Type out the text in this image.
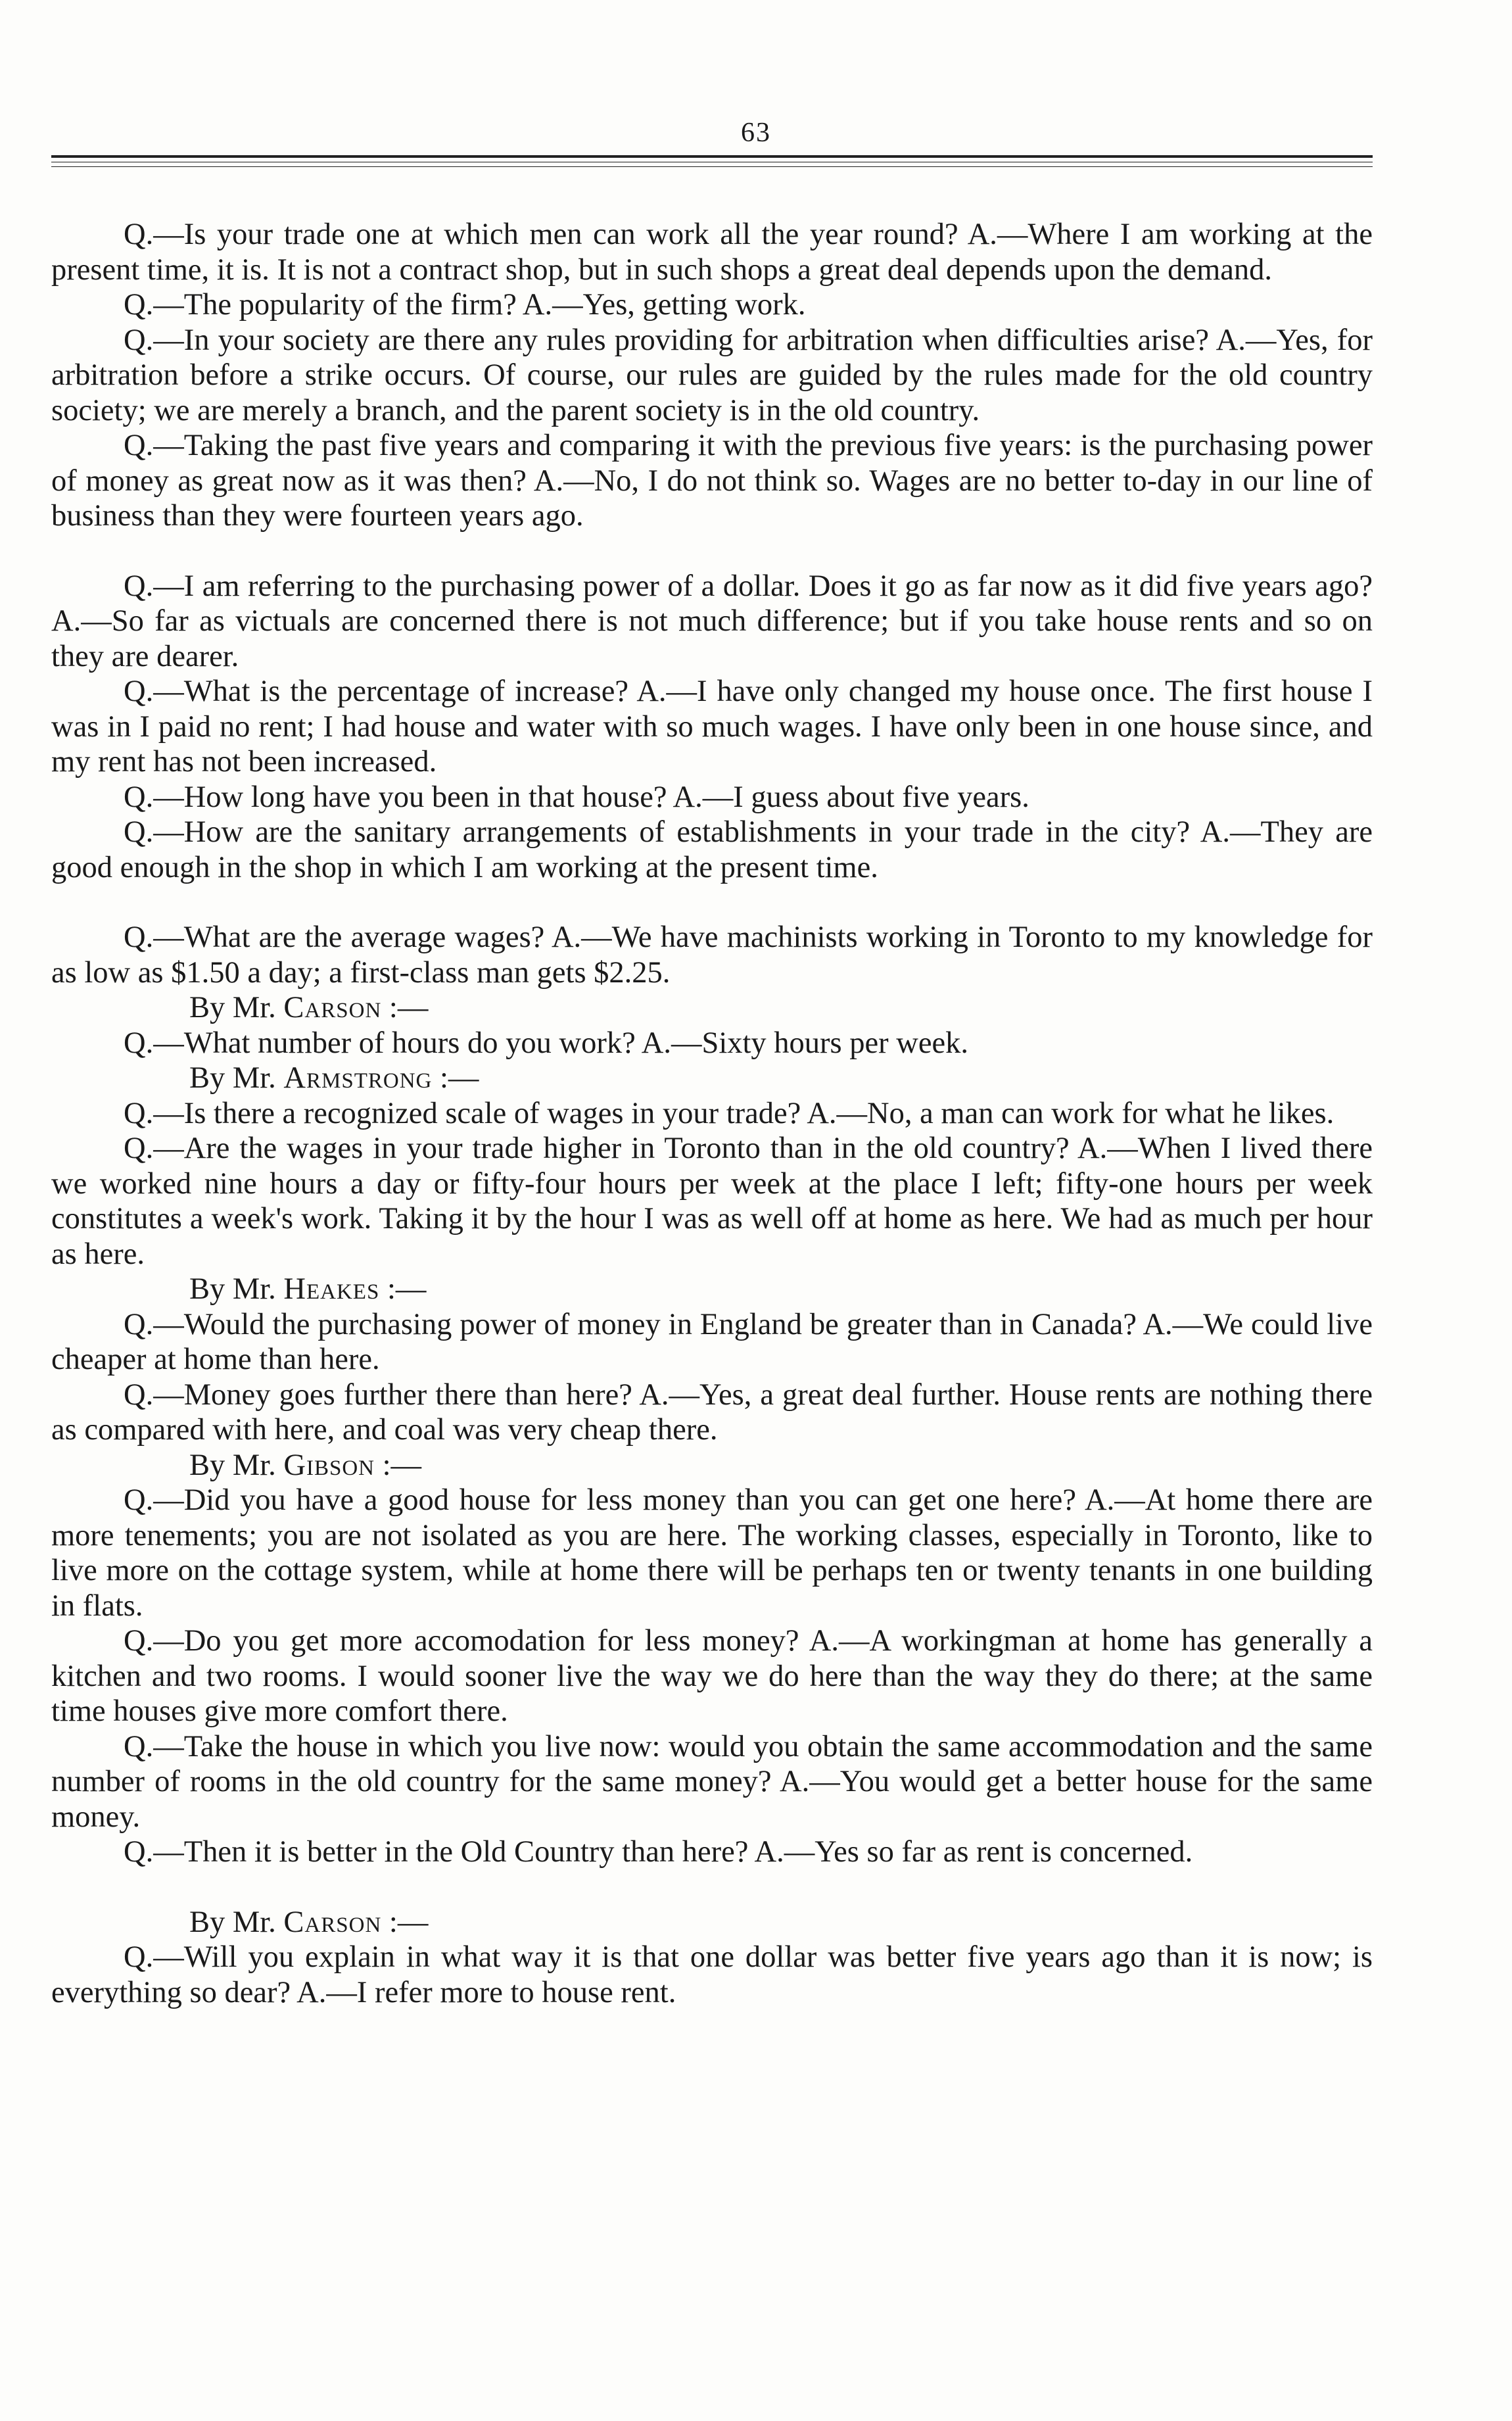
63

Q.—Is your trade one at which men can work all the year round? A.—Where I am working at the present time, it is. It is not a contract shop, but in such shops a great deal depends upon the demand.

Q.—The popularity of the firm? A.—Yes, getting work.

Q.—In your society are there any rules providing for arbitration when difficulties arise? A.—Yes, for arbitration before a strike occurs. Of course, our rules are guided by the rules made for the old country society; we are merely a branch, and the parent society is in the old country.

Q.—Taking the past five years and comparing it with the previous five years: is the purchasing power of money as great now as it was then? A.—No, I do not think so. Wages are no better to-day in our line of business than they were fourteen years ago.

Q.—I am referring to the purchasing power of a dollar. Does it go as far now as it did five years ago? A.—So far as victuals are concerned there is not much difference; but if you take house rents and so on they are dearer.

Q.—What is the percentage of increase? A.—I have only changed my house once. The first house I was in I paid no rent; I had house and water with so much wages. I have only been in one house since, and my rent has not been increased.

Q.—How long have you been in that house? A.—I guess about five years.

Q.—How are the sanitary arrangements of establishments in your trade in the city? A.—They are good enough in the shop in which I am working at the present time.

Q.—What are the average wages? A.—We have machinists working in Toronto to my knowledge for as low as $1.50 a day; a first-class man gets $2.25.

By Mr. Carson :—

Q.—What number of hours do you work? A.—Sixty hours per week.

By Mr. Armstrong :—

Q.—Is there a recognized scale of wages in your trade? A.—No, a man can work for what he likes.

Q.—Are the wages in your trade higher in Toronto than in the old country? A.—When I lived there we worked nine hours a day or fifty-four hours per week at the place I left; fifty-one hours per week constitutes a week's work. Taking it by the hour I was as well off at home as here. We had as much per hour as here.

By Mr. Heakes :—

Q.—Would the purchasing power of money in England be greater than in Canada? A.—We could live cheaper at home than here.

Q.—Money goes further there than here? A.—Yes, a great deal further. House rents are nothing there as compared with here, and coal was very cheap there.

By Mr. Gibson :—

Q.—Did you have a good house for less money than you can get one here? A.—At home there are more tenements; you are not isolated as you are here. The working classes, especially in Toronto, like to live more on the cottage system, while at home there will be perhaps ten or twenty tenants in one building in flats.

Q.—Do you get more accomodation for less money? A.—A workingman at home has generally a kitchen and two rooms. I would sooner live the way we do here than the way they do there; at the same time houses give more comfort there.

Q.—Take the house in which you live now: would you obtain the same accommodation and the same number of rooms in the old country for the same money? A.—You would get a better house for the same money.

Q.—Then it is better in the Old Country than here? A.—Yes so far as rent is concerned.

By Mr. Carson :—

Q.—Will you explain in what way it is that one dollar was better five years ago than it is now; is everything so dear? A.—I refer more to house rent.
